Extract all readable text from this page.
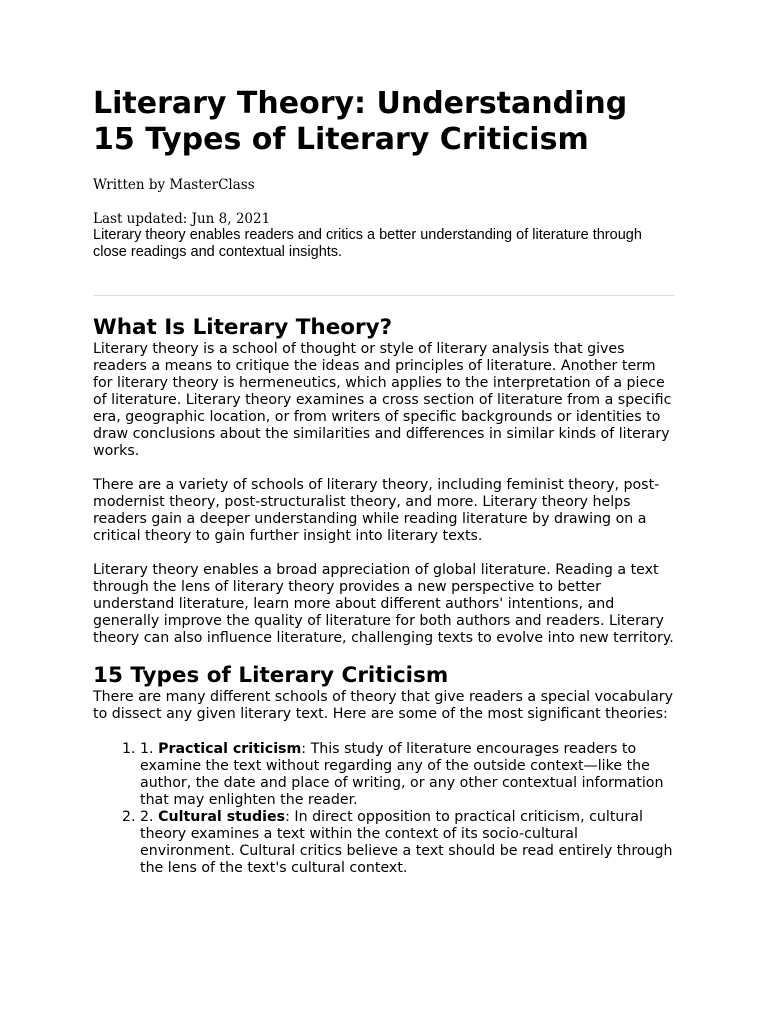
Literary Theory: Understanding 15 Types of Literary Criticism
Written by MasterClass
Last updated: Jun 8, 2021

Literary theory enables readers and critics a better understanding of literature through close readings and contextual insights.

What Is Literary Theory?

Literary theory is a school of thought or style of literary analysis that gives readers a means to critique the ideas and principles of literature. Another term for literary theory is hermeneutics, which applies to the interpretation of a piece of literature. Literary theory examines a cross section of literature from a specific era, geographic location, or from writers of specific backgrounds or identities to draw conclusions about the similarities and differences in similar kinds of literary works.

There are a variety of schools of literary theory, including feminist theory, post-modernist theory, post-structuralist theory, and more. Literary theory helps readers gain a deeper understanding while reading literature by drawing on a critical theory to gain further insight into literary texts.

Literary theory enables a broad appreciation of global literature. Reading a text through the lens of literary theory provides a new perspective to better understand literature, learn more about different authors' intentions, and generally improve the quality of literature for both authors and readers. Literary theory can also influence literature, challenging texts to evolve into new territory.

15 Types of Literary Criticism

There are many different schools of theory that give readers a special vocabulary to dissect any given literary text. Here are some of the most significant theories:

1. 1. Practical criticism: This study of literature encourages readers to examine the text without regarding any of the outside context—like the author, the date and place of writing, or any other contextual information that may enlighten the reader.
2. 2. Cultural studies: In direct opposition to practical criticism, cultural theory examines a text within the context of its socio-cultural environment. Cultural critics believe a text should be read entirely through the lens of the text's cultural context.
